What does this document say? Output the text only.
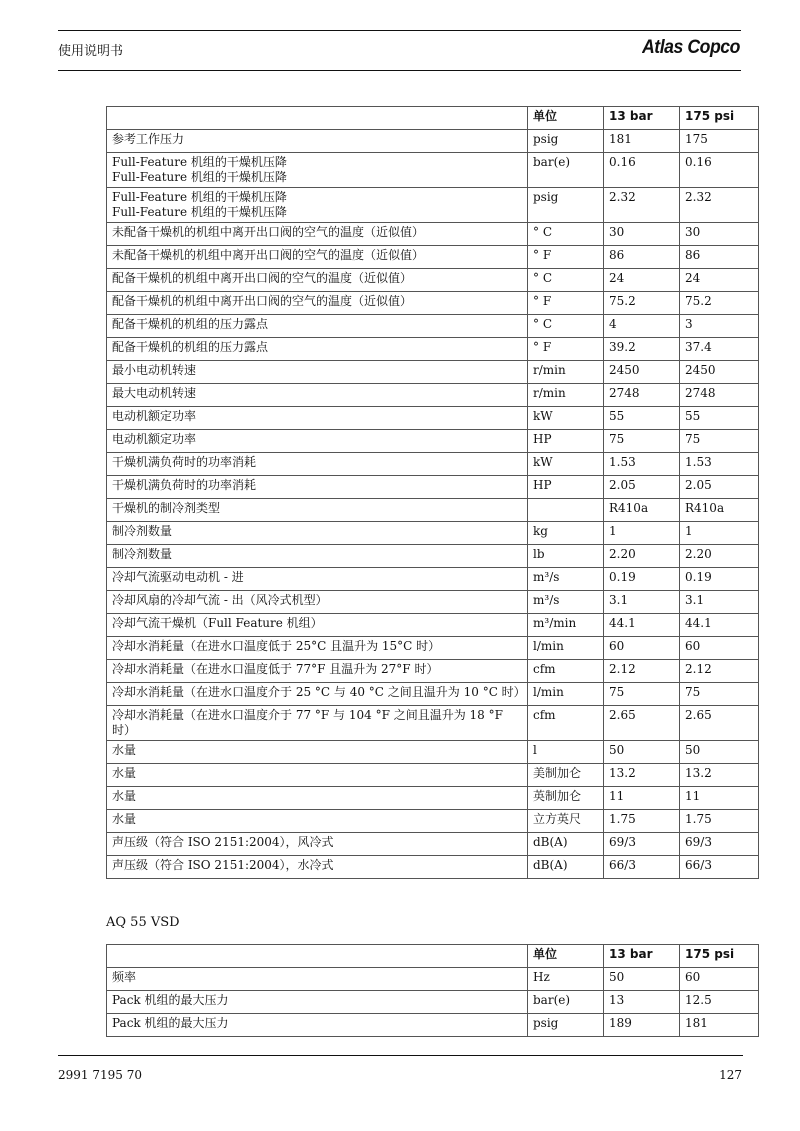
使用说明书	Atlas Copco
	单位	13 bar	175 psi
参考工作压力	psig	181	175
Full-Feature 机组的干燥机压降
Full-Feature 机组的干燥机压降	bar(e)	0.16	0.16
Full-Feature 机组的干燥机压降
Full-Feature 机组的干燥机压降	psig	2.32	2.32
未配备干燥机的机组中离开出口阀的空气的温度（近似值）	° C	30	30
未配备干燥机的机组中离开出口阀的空气的温度（近似值）	° F	86	86
配备干燥机的机组中离开出口阀的空气的温度（近似值）	° C	24	24
配备干燥机的机组中离开出口阀的空气的温度（近似值）	° F	75.2	75.2
配备干燥机的机组的压力露点	° C	4	3
配备干燥机的机组的压力露点	° F	39.2	37.4
最小电动机转速	r/min	2450	2450
最大电动机转速	r/min	2748	2748
电动机额定功率	kW	55	55
电动机额定功率	HP	75	75
干燥机满负荷时的功率消耗	kW	1.53	1.53
干燥机满负荷时的功率消耗	HP	2.05	2.05
干燥机的制冷剂类型		R410a	R410a
制冷剂数量	kg	1	1
制冷剂数量	lb	2.20	2.20
冷却气流驱动电动机 - 进	m³/s	0.19	0.19
冷却风扇的冷却气流 - 出（风冷式机型）	m³/s	3.1	3.1
冷却气流干燥机（Full Feature 机组）	m³/min	44.1	44.1
冷却水消耗量（在进水口温度低于 25°C 且温升为 15°C 时）	l/min	60	60
冷却水消耗量（在进水口温度低于 77°F 且温升为 27°F 时）	cfm	2.12	2.12
冷却水消耗量（在进水口温度介于 25 °C 与 40 °C 之间且温升为 10 °C 时）	l/min	75	75
冷却水消耗量（在进水口温度介于 77 °F 与 104 °F 之间且温升为 18 °F 时）	cfm	2.65	2.65
水量	l	50	50
水量	美制加仑	13.2	13.2
水量	英制加仑	11	11
水量	立方英尺	1.75	1.75
声压级（符合 ISO 2151:2004），风冷式	dB(A)	69/3	69/3
声压级（符合 ISO 2151:2004），水冷式	dB(A)	66/3	66/3
AQ 55 VSD
	单位	13 bar	175 psi
频率	Hz	50	60
Pack 机组的最大压力	bar(e)	13	12.5
Pack 机组的最大压力	psig	189	181
2991 7195 70	127
